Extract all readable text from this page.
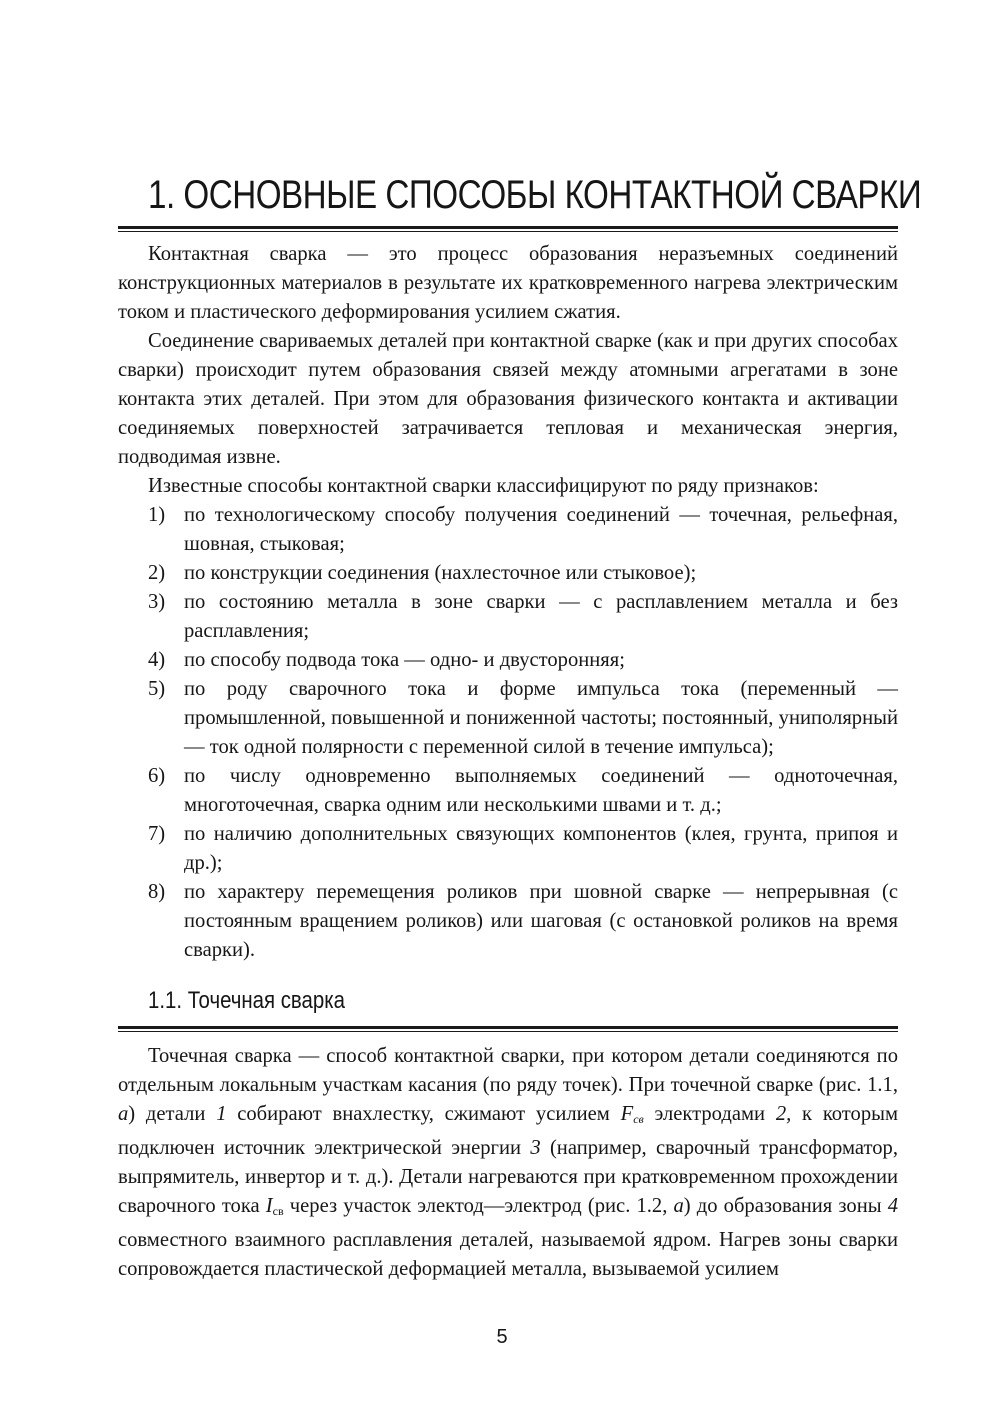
1. ОСНОВНЫЕ СПОСОБЫ КОНТАКТНОЙ СВАРКИ

Контактная сварка — это процесс образования неразъемных соединений конструкционных материалов в результате их кратковременного нагрева электрическим током и пластического деформирования усилием сжатия.

Соединение свариваемых деталей при контактной сварке (как и при других способах сварки) происходит путем образования связей между атомными агрегатами в зоне контакта этих деталей. При этом для образования физического контакта и активации соединяемых поверхностей затрачивается тепловая и механическая энергия, подводимая извне.

Известные способы контактной сварки классифицируют по ряду признаков:

1) по технологическому способу получения соединений — точечная, рельефная, шовная, стыковая;
2) по конструкции соединения (нахлесточное или стыковое);
3) по состоянию металла в зоне сварки — с расплавлением металла и без расплавления;
4) по способу подвода тока — одно- и двусторонняя;
5) по роду сварочного тока и форме импульса тока (переменный — промышленной, повышенной и пониженной частоты; постоянный, униполярный — ток одной полярности с переменной силой в течение импульса);
6) по числу одновременно выполняемых соединений — одноточечная, многоточечная, сварка одним или несколькими швами и т. д.;
7) по наличию дополнительных связующих компонентов (клея, грунта, припоя и др.);
8) по характеру перемещения роликов при шовной сварке — непрерывная (с постоянным вращением роликов) или шаговая (с остановкой роликов на время сварки).
1.1. Точечная сварка

Точечная сварка — способ контактной сварки, при котором детали соединяются по отдельным локальным участкам касания (по ряду точек). При точечной сварке (рис. 1.1, а) детали 1 собирают внахлестку, сжимают усилием $F_{св}$ электродами 2, к которым подключен источник электрической энергии 3 (например, сварочный трансформатор, выпрямитель, инвертор и т. д.). Детали нагреваются при кратковременном прохождении сварочного тока $I_{св}$ через участок электод—электрод (рис. 1.2, а) до образования зоны 4 совместного взаимного расплавления деталей, называемой ядром. Нагрев зоны сварки сопровождается пластической деформацией металла, вызываемой усилием

5
